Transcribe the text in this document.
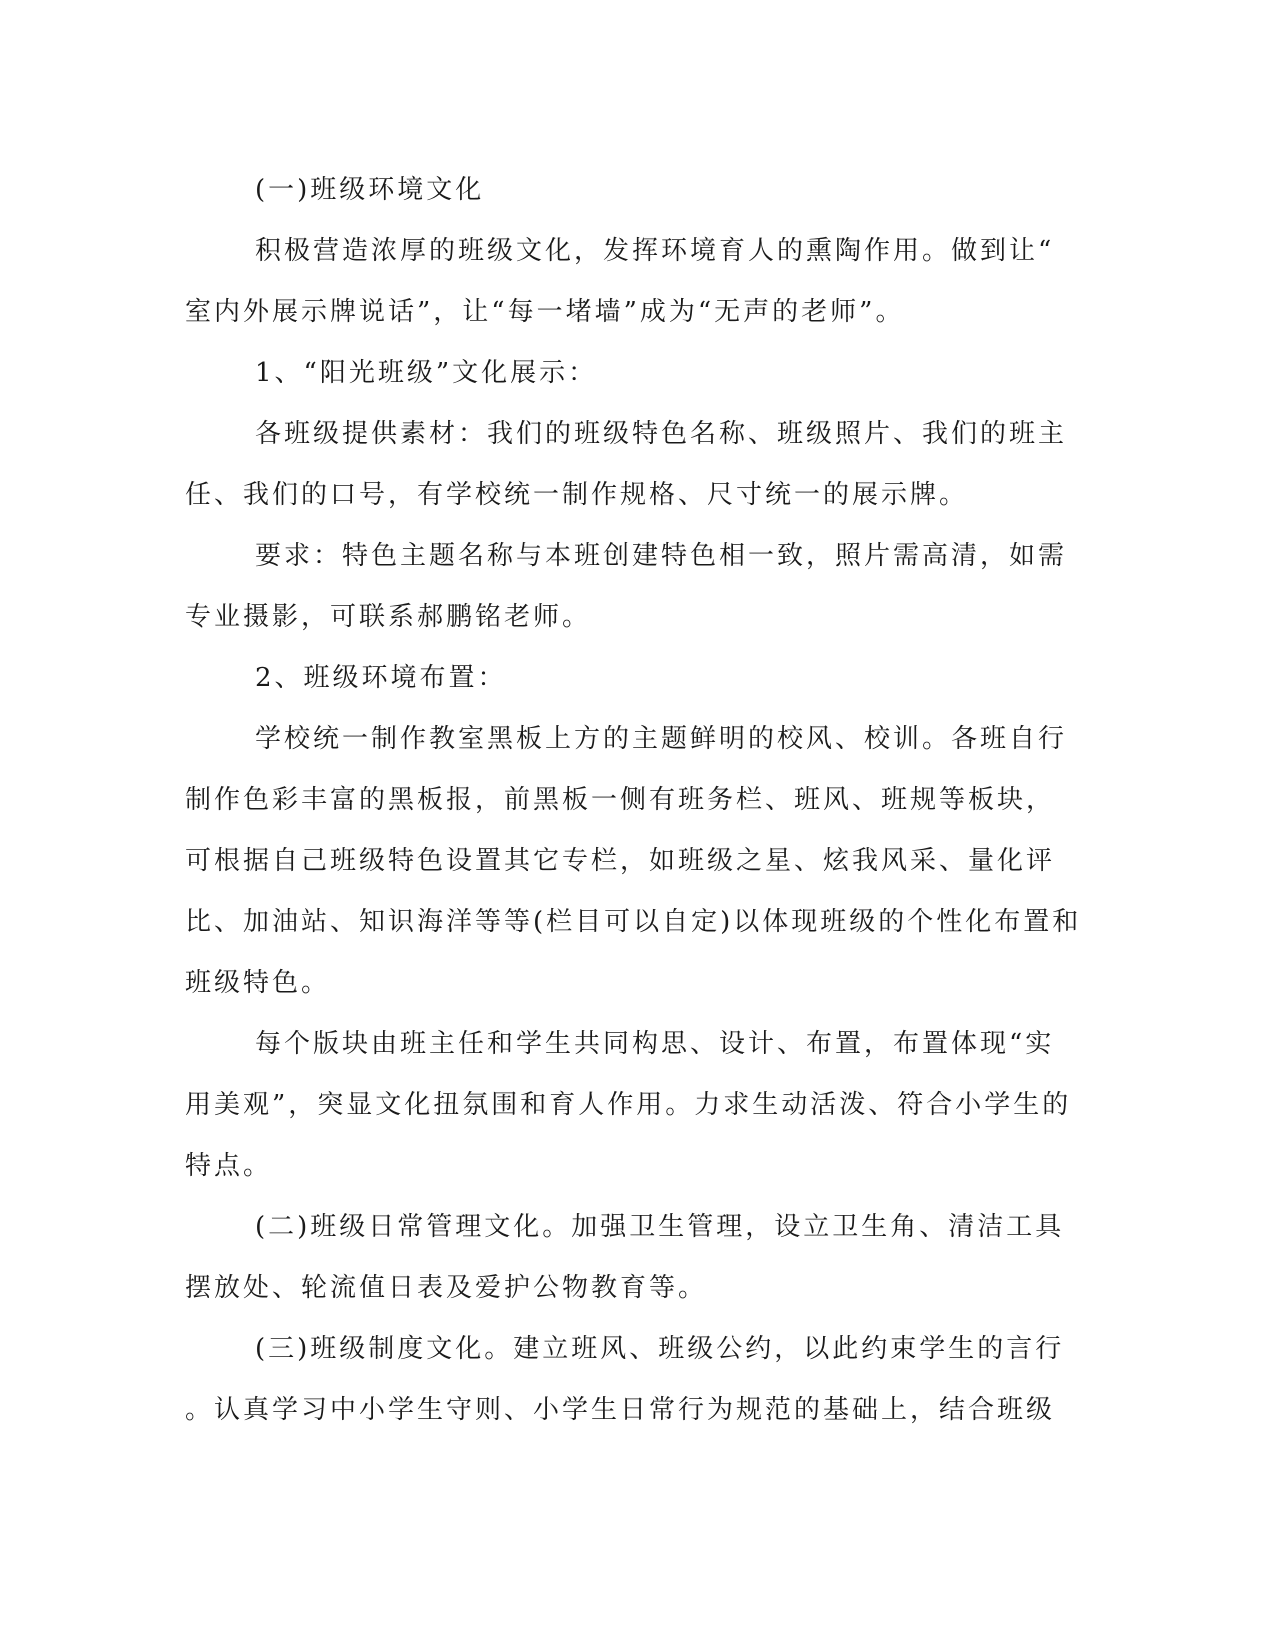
(一)班级环境文化

积极营造浓厚的班级文化，发挥环境育人的熏陶作用。做到让“

室内外展示牌说话”，让“每一堵墙”成为“无声的老师”。

1、“阳光班级”文化展示：

各班级提供素材：我们的班级特色名称、班级照片、我们的班主

任、我们的口号，有学校统一制作规格、尺寸统一的展示牌。

要求：特色主题名称与本班创建特色相一致，照片需高清，如需

专业摄影，可联系郝鹏铭老师。

2、班级环境布置：

学校统一制作教室黑板上方的主题鲜明的校风、校训。各班自行

制作色彩丰富的黑板报，前黑板一侧有班务栏、班风、班规等板块，

可根据自己班级特色设置其它专栏，如班级之星、炫我风采、量化评

比、加油站、知识海洋等等(栏目可以自定)以体现班级的个性化布置和

班级特色。

每个版块由班主任和学生共同构思、设计、布置，布置体现“实

用美观”，突显文化扭氛围和育人作用。力求生动活泼、符合小学生的

特点。

(二)班级日常管理文化。加强卫生管理，设立卫生角、清洁工具

摆放处、轮流值日表及爱护公物教育等。

(三)班级制度文化。建立班风、班级公约，以此约束学生的言行

。认真学习中小学生守则、小学生日常行为规范的基础上，结合班级
